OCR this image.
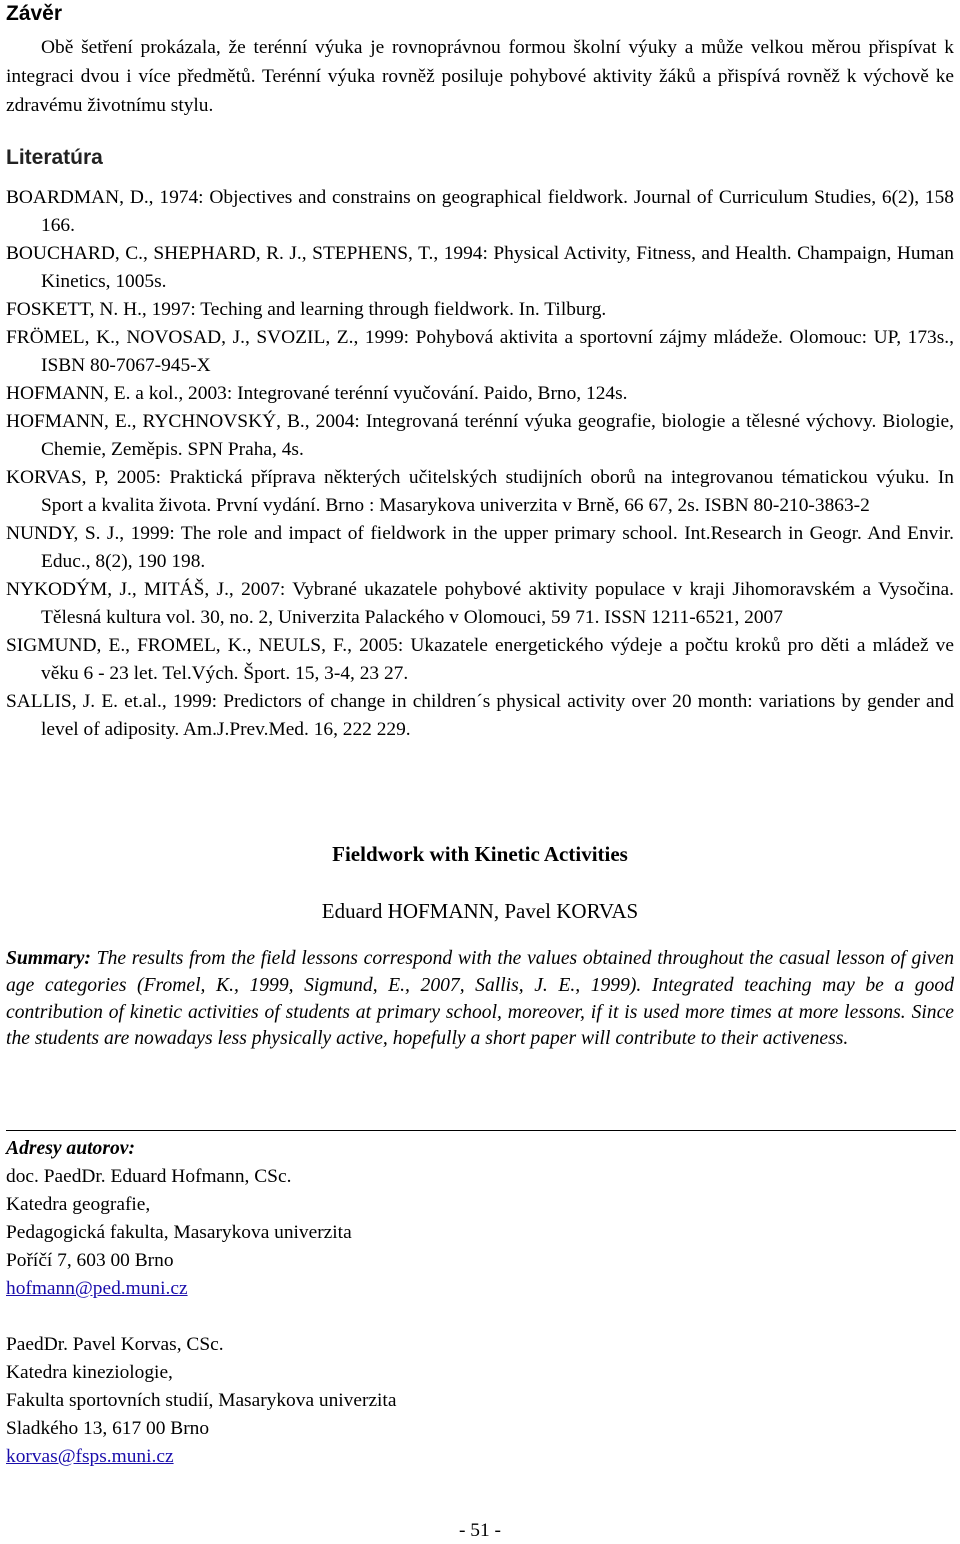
Závěr

Obě šetření prokázala, že terénní výuka je rovnoprávnou formou školní výuky a může velkou měrou přispívat k integraci dvou i více předmětů. Terénní výuka rovněž posiluje pohybové aktivity žáků a přispívá rovněž k výchově ke zdravému životnímu stylu.

Literatúra
BOARDMAN, D., 1974: Objectives and constrains on geographical fieldwork. Journal of Curriculum Studies, 6(2), 158 166.
BOUCHARD, C., SHEPHARD, R. J., STEPHENS, T., 1994: Physical Activity, Fitness, and Health. Champaign, Human Kinetics, 1005s.
FOSKETT, N. H., 1997: Teching and learning through fieldwork. In. Tilburg.
FRÖMEL, K., NOVOSAD, J., SVOZIL, Z., 1999: Pohybová aktivita a sportovní zájmy mládeže. Olomouc: UP, 173s., ISBN 80-7067-945-X
HOFMANN, E. a kol., 2003: Integrované terénní vyučování. Paido, Brno, 124s.
HOFMANN, E., RYCHNOVSKÝ, B., 2004: Integrovaná terénní výuka geografie, biologie a tělesné výchovy. Biologie, Chemie, Zeměpis. SPN Praha, 4s.
KORVAS, P, 2005: Praktická příprava některých učitelských studijních oborů na integrovanou tématickou výuku. In Sport a kvalita života. První vydání. Brno : Masarykova univerzita v Brně, 66 67, 2s. ISBN 80-210-3863-2
NUNDY, S. J., 1999: The role and impact of fieldwork in the upper primary school. Int.Research in Geogr. And Envir. Educ., 8(2), 190 198.
NYKODÝM, J., MITÁŠ, J., 2007: Vybrané ukazatele pohybové aktivity populace v kraji Jihomoravském a Vysočina. Tělesná kultura vol. 30, no. 2, Univerzita Palackého v Olomouci, 59 71. ISSN 1211-6521, 2007
SIGMUND, E., FROMEL, K., NEULS, F., 2005: Ukazatele energetického výdeje a počtu kroků pro děti a mládež ve věku 6 - 23 let. Tel.Vých. Šport. 15, 3-4, 23 27.
SALLIS, J. E. et.al., 1999: Predictors of change in children´s physical activity over 20 month: variations by gender and level of adiposity. Am.J.Prev.Med. 16, 222 229.

Fieldwork with Kinetic Activities

Eduard HOFMANN, Pavel KORVAS

Summary: The results from the field lessons correspond with the values obtained throughout the casual lesson of given age categories (Fromel, K., 1999, Sigmund, E., 2007, Sallis, J. E., 1999). Integrated teaching may be a good contribution of kinetic activities of students at primary school, moreover, if it is used more times at more lessons. Since the students are nowadays less physically active, hopefully a short paper will contribute to their activeness.

Adresy autorov:
doc. PaedDr. Eduard Hofmann, CSc.
Katedra geografie,
Pedagogická fakulta, Masarykova univerzita
Poříčí 7, 603 00 Brno
hofmann@ped.muni.cz
PaedDr. Pavel Korvas, CSc.
Katedra kineziologie,
Fakulta sportovních studií, Masarykova univerzita
Sladkého 13, 617 00 Brno
korvas@fsps.muni.cz
- 51 -
